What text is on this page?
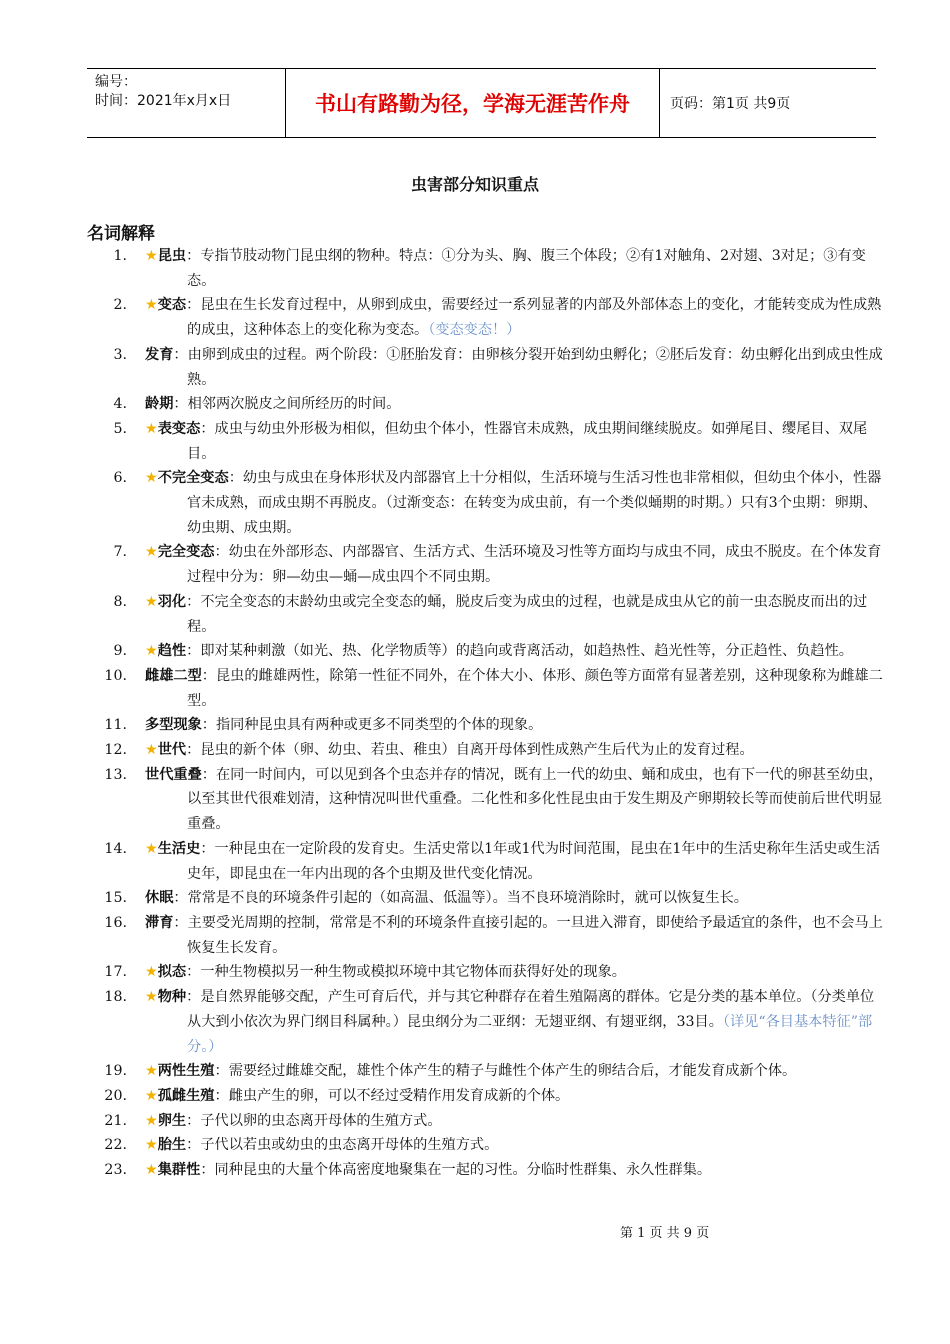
编号：
时间：2021年x月x日	书山有路勤为径，学海无涯苦作舟	页码：第1页 共9页
虫害部分知识重点
名词解释
1. ★昆虫：专指节肢动物门昆虫纲的物种。特点：①分为头、胸、腹三个体段；②有1对触角、2对翅、3对足；③有变态。
2. ★变态：昆虫在生长发育过程中，从卵到成虫，需要经过一系列显著的内部及外部体态上的变化，才能转变成为性成熟的成虫，这种体态上的变化称为变态。（变态变态！）
3. 发育：由卵到成虫的过程。两个阶段：①胚胎发育：由卵核分裂开始到幼虫孵化；②胚后发育：幼虫孵化出到成虫性成熟。
4. 龄期：相邻两次脱皮之间所经历的时间。
5. ★表变态：成虫与幼虫外形极为相似，但幼虫个体小，性器官未成熟，成虫期间继续脱皮。如弹尾目、缨尾目、双尾目。
6. ★不完全变态：幼虫与成虫在身体形状及内部器官上十分相似，生活环境与生活习性也非常相似，但幼虫个体小，性器官未成熟，而成虫期不再脱皮。（过渐变态：在转变为成虫前，有一个类似蛹期的时期。）只有3个虫期：卵期、幼虫期、成虫期。
7. ★完全变态：幼虫在外部形态、内部器官、生活方式、生活环境及习性等方面均与成虫不同，成虫不脱皮。在个体发育过程中分为：卵—幼虫—蛹—成虫四个不同虫期。
8. ★羽化：不完全变态的末龄幼虫或完全变态的蛹，脱皮后变为成虫的过程，也就是成虫从它的前一虫态脱皮而出的过程。
9. ★趋性：即对某种刺激（如光、热、化学物质等）的趋向或背离活动，如趋热性、趋光性等，分正趋性、负趋性。
10. 雌雄二型：昆虫的雌雄两性，除第一性征不同外，在个体大小、体形、颜色等方面常有显著差别，这种现象称为雌雄二型。
11. 多型现象：指同种昆虫具有两种或更多不同类型的个体的现象。
12. ★世代：昆虫的新个体（卵、幼虫、若虫、稚虫）自离开母体到性成熟产生后代为止的发育过程。
13. 世代重叠：在同一时间内，可以见到各个虫态并存的情况，既有上一代的幼虫、蛹和成虫，也有下一代的卵甚至幼虫，以至其世代很难划清，这种情况叫世代重叠。二化性和多化性昆虫由于发生期及产卵期较长等而使前后世代明显重叠。
14. ★生活史：一种昆虫在一定阶段的发育史。生活史常以1年或1代为时间范围，昆虫在1年中的生活史称年生活史或生活史年，即昆虫在一年内出现的各个虫期及世代变化情况。
15. 休眠：常常是不良的环境条件引起的（如高温、低温等）。当不良环境消除时，就可以恢复生长。
16. 滞育：主要受光周期的控制，常常是不利的环境条件直接引起的。一旦进入滞育，即使给予最适宜的条件，也不会马上恢复生长发育。
17. ★拟态：一种生物模拟另一种生物或模拟环境中其它物体而获得好处的现象。
18. ★物种：是自然界能够交配，产生可育后代，并与其它种群存在着生殖隔离的群体。它是分类的基本单位。（分类单位从大到小依次为界门纲目科属种。）昆虫纲分为二亚纲：无翅亚纲、有翅亚纲，33目。（详见“各目基本特征”部分。）
19. ★两性生殖：需要经过雌雄交配，雄性个体产生的精子与雌性个体产生的卵结合后，才能发育成新个体。
20. ★孤雌生殖：雌虫产生的卵，可以不经过受精作用发育成新的个体。
21. ★卵生：子代以卵的虫态离开母体的生殖方式。
22. ★胎生：子代以若虫或幼虫的虫态离开母体的生殖方式。
23. ★集群性：同种昆虫的大量个体高密度地聚集在一起的习性。分临时性群集、永久性群集。
第 1 页 共 9 页
